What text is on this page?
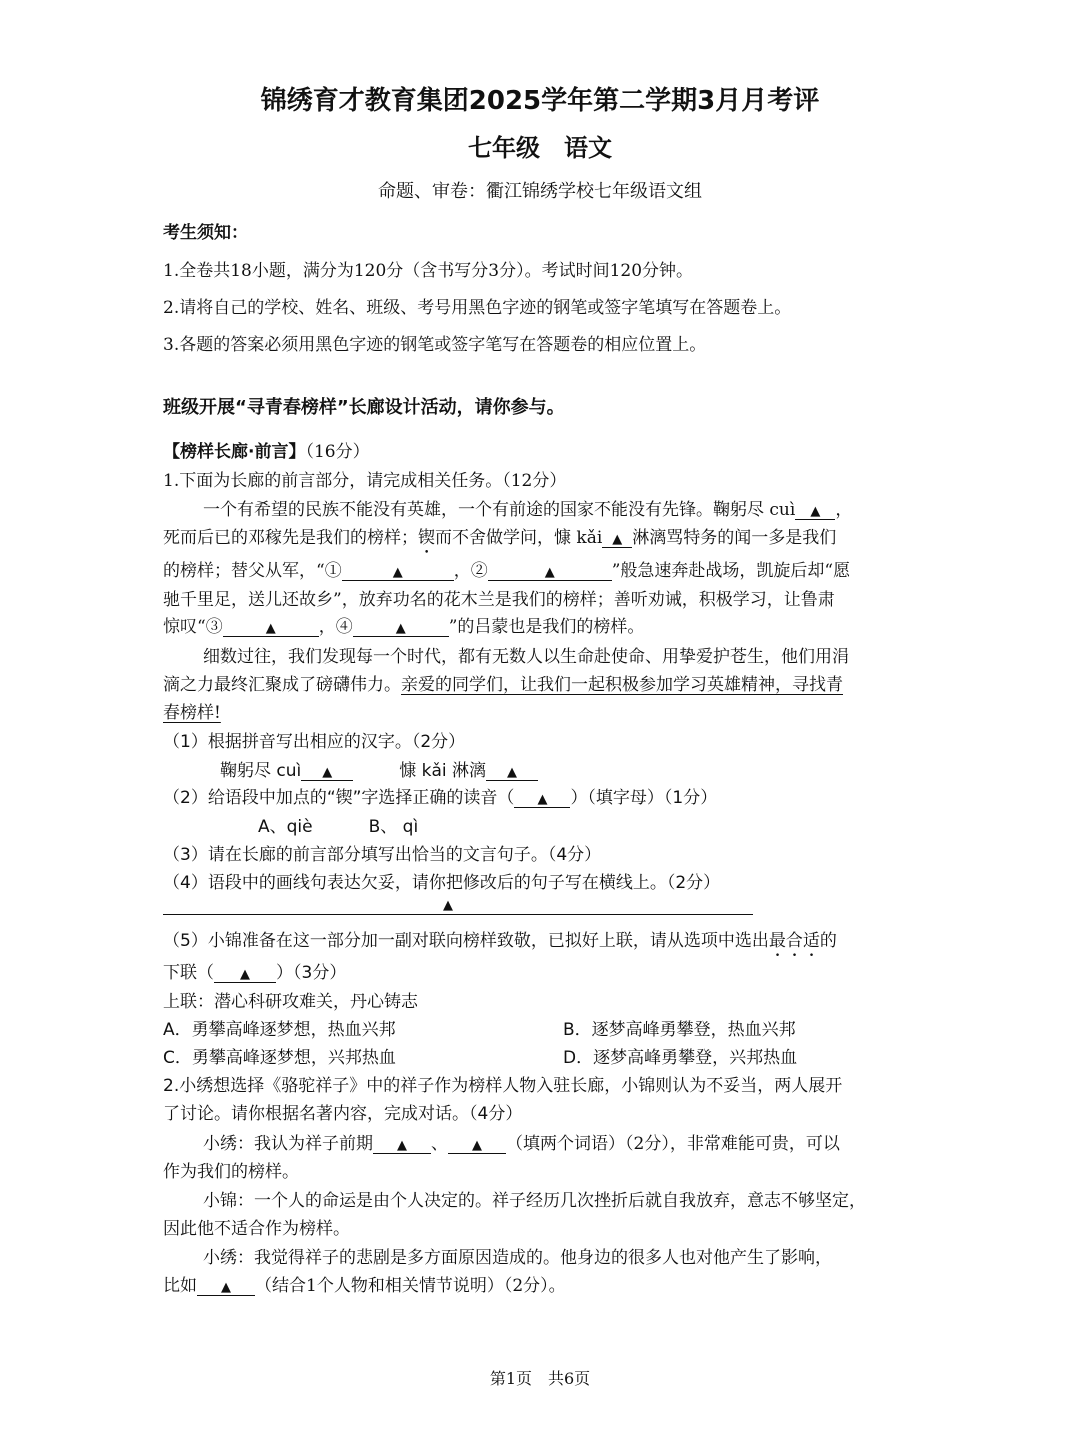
锦绣育才教育集团2025学年第二学期3月月考评
七年级　语文
命题、审卷：衢江锦绣学校七年级语文组
考生须知：
1.全卷共18小题，满分为120分（含书写分3分）。考试时间120分钟。
2.请将自己的学校、姓名、班级、考号用黑色字迹的钢笔或签字笔填写在答题卷上。
3.各题的答案必须用黑色字迹的钢笔或签字笔写在答题卷的相应位置上。
班级开展“寻青春榜样”长廊设计活动，请你参与。
【榜样长廊·前言】（16分）
1.下面为长廊的前言部分，请完成相关任务。（12分）
一个有希望的民族不能没有英雄，一个有前途的国家不能没有先锋。鞠躬尽 cuì ▲ ，
死而后已的邓稼先是我们的榜样；锲而不舍做学问，慷 kǎi ▲ 淋漓骂特务的闻一多是我们
的榜样；替父从军，“①	▲	，②	▲	”般急速奔赴战场，凯旋后却“愿
驰千里足，送儿还故乡”，放弃功名的花木兰是我们的榜样；善听劝诫，积极学习，让鲁肃
惊叹“③	▲	，④	▲	”的吕蒙也是我们的榜样。
细数过往，我们发现每一个时代，都有无数人以生命赴使命、用挚爱护苍生，他们用涓
滴之力最终汇聚成了磅礴伟力。亲爱的同学们，让我们一起积极参加学习英雄精神，寻找青
春榜样!
（1）根据拼音写出相应的汉字。（2分）
鞠躬尽 cuì ▲	慷 kǎi 淋漓 ▲
（2）给语段中加点的“锲”字选择正确的读音（ ▲ ）（填字母）（1分）
A、qiè	B、 qì
（3）请在长廊的前言部分填写出恰当的文言句子。（4分）
（4）语段中的画线句表达欠妥，请你把修改后的句子写在横线上。（2分）
▲
（5）小锦准备在这一部分加一副对联向榜样致敬，已拟好上联，请从选项中选出最合适的
下联（ ▲ ）（3分）
上联：潜心科研攻难关，丹心铸志
A．勇攀高峰逐梦想，热血兴邦	B．逐梦高峰勇攀登，热血兴邦
C．勇攀高峰逐梦想，兴邦热血	D．逐梦高峰勇攀登，兴邦热血
2.小绣想选择《骆驼祥子》中的祥子作为榜样人物入驻长廊，小锦则认为不妥当，两人展开
了讨论。请你根据名著内容，完成对话。（4分）
小绣：我认为祥子前期 ▲ 、 ▲ （填两个词语）（2分），非常难能可贵，可以
作为我们的榜样。
小锦：一个人的命运是由个人决定的。祥子经历几次挫折后就自我放弃，意志不够坚定，
因此他不适合作为榜样。
小绣：我觉得祥子的悲剧是多方面原因造成的。他身边的很多人也对他产生了影响，
比如 ▲ （结合1个人物和相关情节说明）（2分）。
第1页　共6页
